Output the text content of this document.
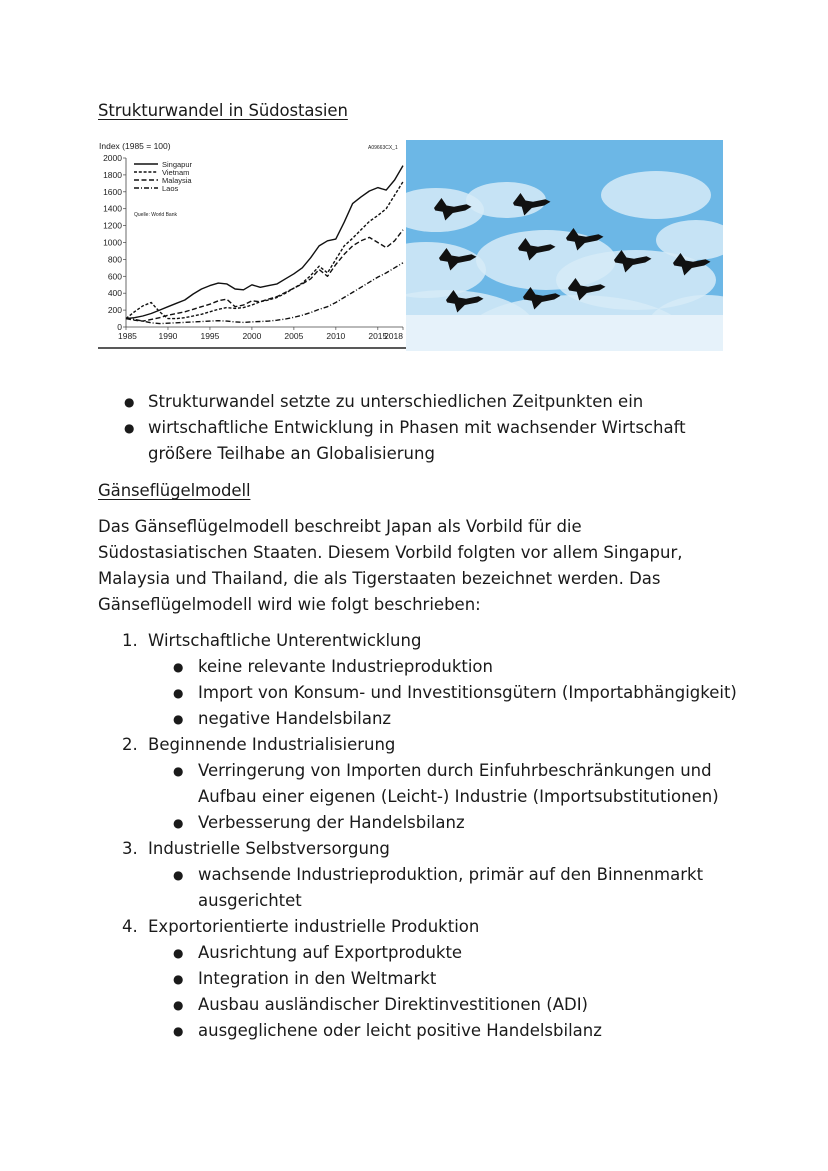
Strukturwandel in Südostasien
Index (1985 = 100)	A09663CX_1
0
200
400
600
800
1000
1200
1400
1600
1800
2000
1985	1990	1995	2000	2005	2010	2015
2018
Singapur
Vietnam
Malaysia
Laos
Quelle: World Bank
● Strukturwandel setzte zu unterschiedlichen Zeitpunkten ein
● wirtschaftliche Entwicklung in Phasen mit wachsender Wirtschaft größere Teilhabe an Globalisierung
Gänseflügelmodell

Das Gänseflügelmodell beschreibt Japan als Vorbild für die Südostasiatischen Staaten. Diesem Vorbild folgten vor allem Singapur, Malaysia und Thailand, die als Tigerstaaten bezeichnet werden. Das Gänseflügelmodell wird wie folgt beschrieben:

1. Wirtschaftliche Unterentwicklung
● keine relevante Industrieproduktion
● Import von Konsum- und Investitionsgütern (Importabhängigkeit)
● negative Handelsbilanz
2. Beginnende Industrialisierung
● Verringerung von Importen durch Einfuhrbeschränkungen und Aufbau einer eigenen (Leicht-) Industrie (Importsubstitutionen)
● Verbesserung der Handelsbilanz
3. Industrielle Selbstversorgung
● wachsende Industrieproduktion, primär auf den Binnenmarkt ausgerichtet
4. Exportorientierte industrielle Produktion
● Ausrichtung auf Exportprodukte
● Integration in den Weltmarkt
● Ausbau ausländischer Direktinvestitionen (ADI)
● ausgeglichene oder leicht positive Handelsbilanz
